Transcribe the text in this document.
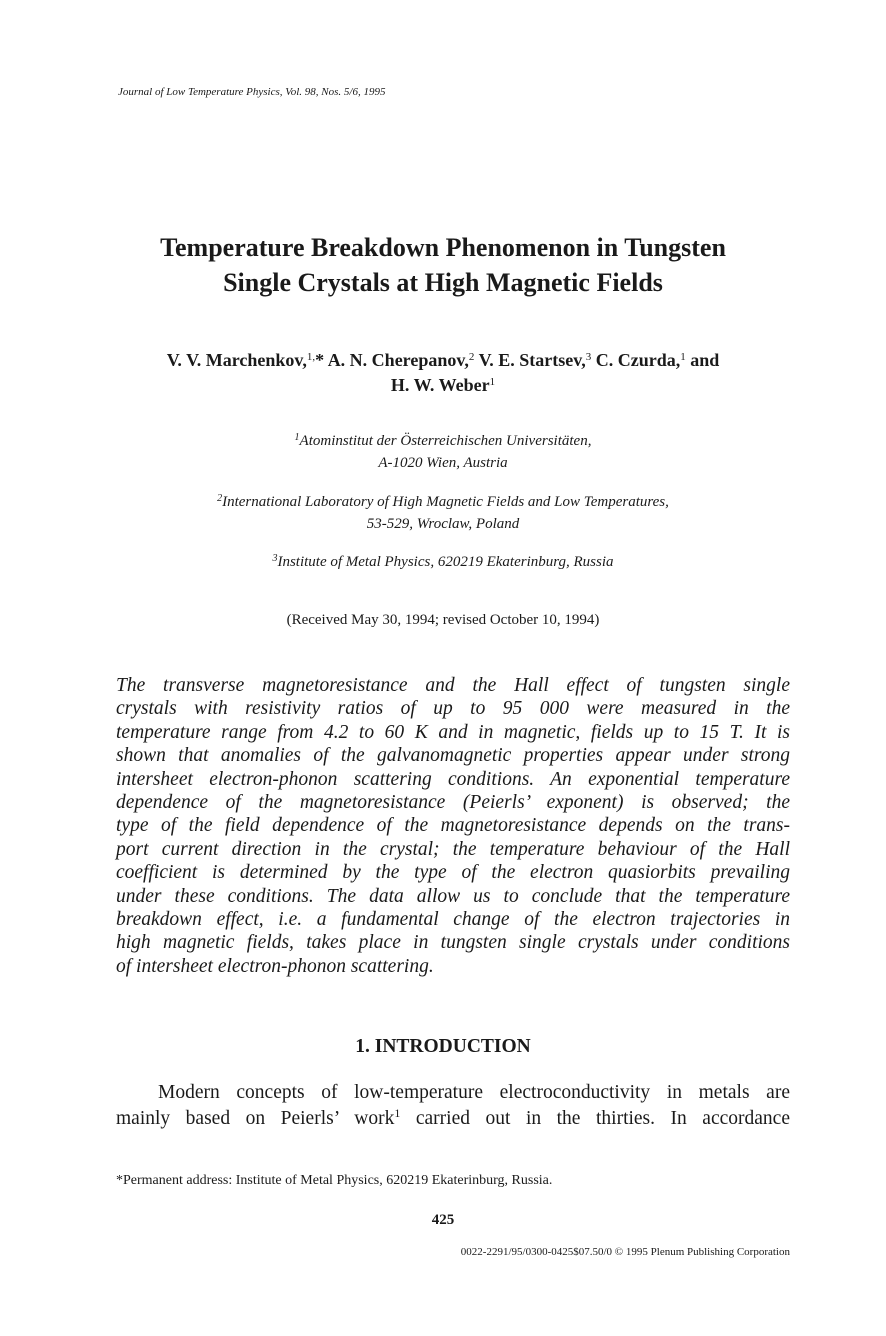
Journal of Low Temperature Physics, Vol. 98, Nos. 5/6, 1995
Temperature Breakdown Phenomenon in Tungsten
Single Crystals at High Magnetic Fields
V. V. Marchenkov,$^{1,}$* A. N. Cherepanov,$^2$ V. E. Startsev,$^3$ C. Czurda,$^1$ and
H. W. Weber$^1$
$^1$Atominstitut der Österreichischen Universitäten,
A-1020 Wien, Austria
$^2$International Laboratory of High Magnetic Fields and Low Temperatures,
53-529, Wroclaw, Poland
$^3$Institute of Metal Physics, 620219 Ekaterinburg, Russia
(Received May 30, 1994; revised October 10, 1994)
The transverse magnetoresistance and the Hall effect of tungsten single
crystals with resistivity ratios of up to 95 000 were measured in the
temperature range from 4.2 to 60 K and in magnetic, fields up to 15 T. It is
shown that anomalies of the galvanomagnetic properties appear under strong
intersheet electron-phonon scattering conditions. An exponential temperature
dependence of the magnetoresistance (Peierls’ exponent) is observed; the
type of the field dependence of the magnetoresistance depends on the trans-
port current direction in the crystal; the temperature behaviour of the Hall
coefficient is determined by the type of the electron quasiorbits prevailing
under these conditions. The data allow us to conclude that the temperature
breakdown effect, i.e. a fundamental change of the electron trajectories in
high magnetic fields, takes place in tungsten single crystals under conditions
of intersheet electron-phonon scattering.
1. INTRODUCTION
Modern concepts of low-temperature electroconductivity in metals are
mainly based on Peierls’ work$^1$ carried out in the thirties. In accordance
*Permanent address: Institute of Metal Physics, 620219 Ekaterinburg, Russia.
425
0022-2291/95/0300-0425$07.50/0 © 1995 Plenum Publishing Corporation
